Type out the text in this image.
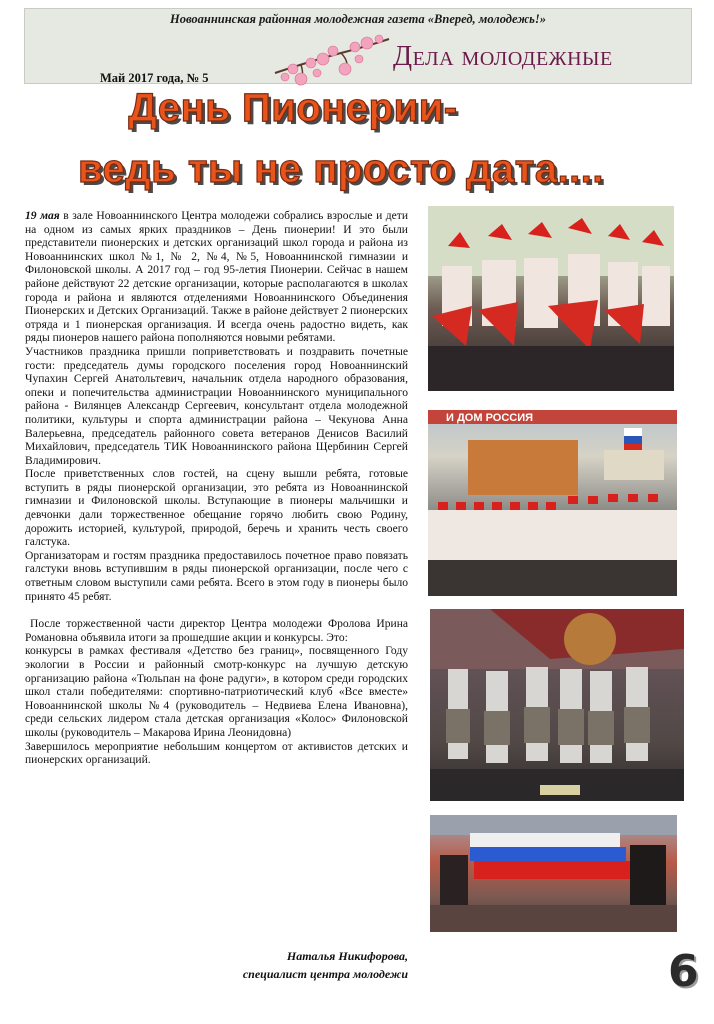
Новоаннинская районная молодежная газета «Вперед, молодежь!»
Дела молодежные
Май 2017 года, № 5
День Пионерии-
ведь ты не просто дата....

19 мая в зале Новоаннинского Центра молодежи собрались взрослые и дети на одном из самых ярких праздников – День пионерии! И это были представители пионерских и детских организаций школ города и района из Новоаннинских школ №1, № 2, №4, №5, Новоаннинской гимназии и Филоновской школы. А 2017 год – год 95-летия Пионерии. Сейчас в нашем районе действуют 22 детские организации, которые располагаются в школах города и района и являются отделениями Новоаннинского Объединения Пионерских и Детских Организаций. Также в районе действует 2 пионерских отряда и 1 пионерская организация. И всегда очень радостно видеть, как ряды пионеров нашего района пополняются новыми ребятами.

Участников праздника пришли поприветствовать и поздравить почетные гости: председатель думы городского поселения город Новоаннинский Чупахин Сергей Анатольтевич, начальник отдела народного образования, опеки и попечительства администрации Новоаннинского муниципального района - Вилянцев Александр Сергеевич, консультант отдела молодежной политики, культуры и спорта администрации района – Чекунова Анна Валерьевна, председатель районного совета ветеранов Денисов Василий Михайлович, председатель ТИК Новоаннинского района Щербинин Сергей Владимирович.

После приветственных слов гостей, на сцену вышли ребята, готовые вступить в ряды пионерской организации, это ребята из Новоаннинской гимназии и Филоновской школы. Вступающие в пионеры мальчишки и девчонки дали торжественное обещание горячо любить свою Родину, дорожить историей, культурой, природой, беречь и хранить честь своего галстука.

Организаторам и гостям праздника предоставилось почетное право повязать галстуки вновь вступившим в ряды пионерской организации, после чего с ответным словом выступили сами ребята. Всего в этом году в пионеры было принято 45 ребят.

После торжественной части директор Центра молодежи Фролова Ирина Романовна объявила итоги за прошедшие акции и конкурсы. Это:

конкурсы в рамках фестиваля «Детство без границ», посвященного Году экологии в России и районный смотр-конкурс на лучшую детскую организацию района «Тюльпан на фоне радуги», в котором среди городских школ стали победителями: спортивно-патриотический клуб «Все вместе» Новоаннинской школы №4 (руководитель – Недвиева Елена Ивановна), среди сельских лидером стала детская организация «Колос» Филоновской школы (руководитель – Макарова Ирина Леонидовна)

Завершилось мероприятие небольшим концертом от активистов детских и пионерских организаций.

Наталья Никифорова,
специалист центра молодежи
И ДОМ РОССИЯ
6
